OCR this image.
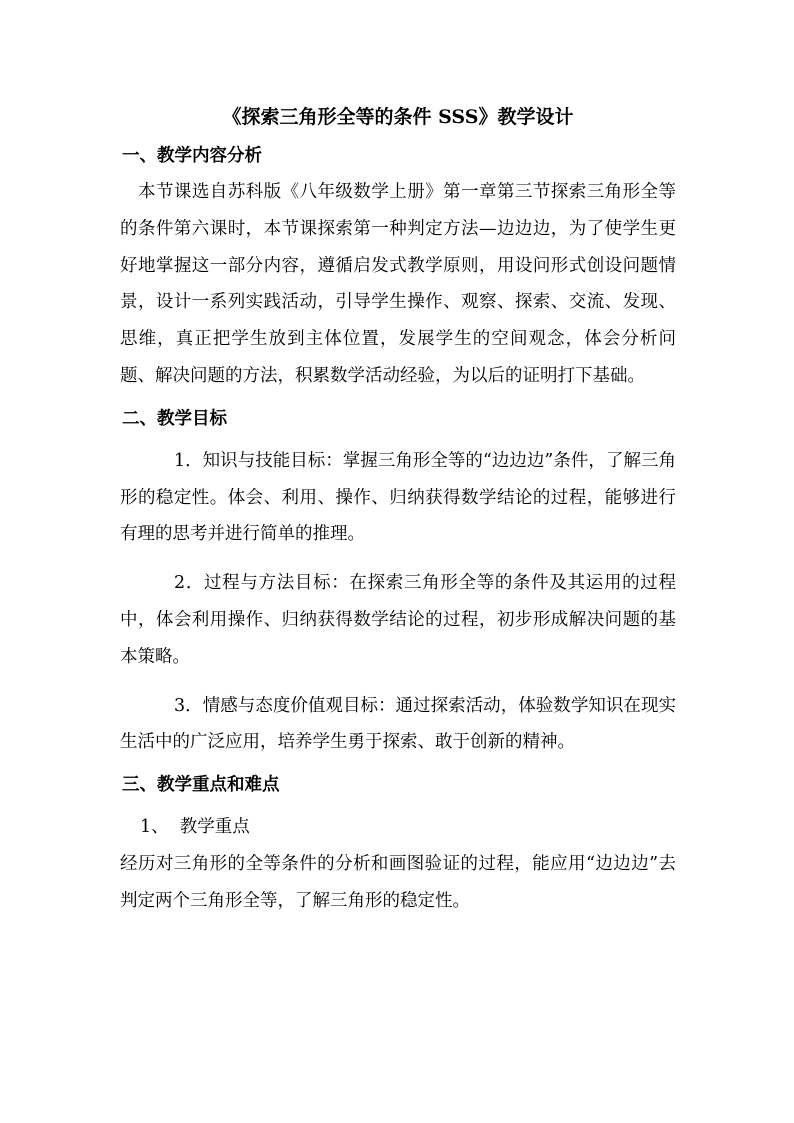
《探索三角形全等的条件 SSS》教学设计
一、教学内容分析

本节课选自苏科版《八年级数学上册》第一章第三节探索三角形全等的条件第六课时，本节课探索第一种判定方法—边边边，为了使学生更好地掌握这一部分内容，遵循启发式教学原则，用设问形式创设问题情景，设计一系列实践活动，引导学生操作、观察、探索、交流、发现、思维，真正把学生放到主体位置，发展学生的空间观念，体会分析问题、解决问题的方法，积累数学活动经验，为以后的证明打下基础。

二、教学目标

1．知识与技能目标：掌握三角形全等的“边边边”条件，了解三角形的稳定性。体会、利用、操作、归纳获得数学结论的过程，能够进行有理的思考并进行简单的推理。

2．过程与方法目标：在探索三角形全等的条件及其运用的过程中，体会利用操作、归纳获得数学结论的过程，初步形成解决问题的基本策略。

3．情感与态度价值观目标：通过探索活动，体验数学知识在现实生活中的广泛应用，培养学生勇于探索、敢于创新的精神。

三、教学重点和难点

1、  教学重点

经历对三角形的全等条件的分析和画图验证的过程，能应用“边边边”去判定两个三角形全等，了解三角形的稳定性。
